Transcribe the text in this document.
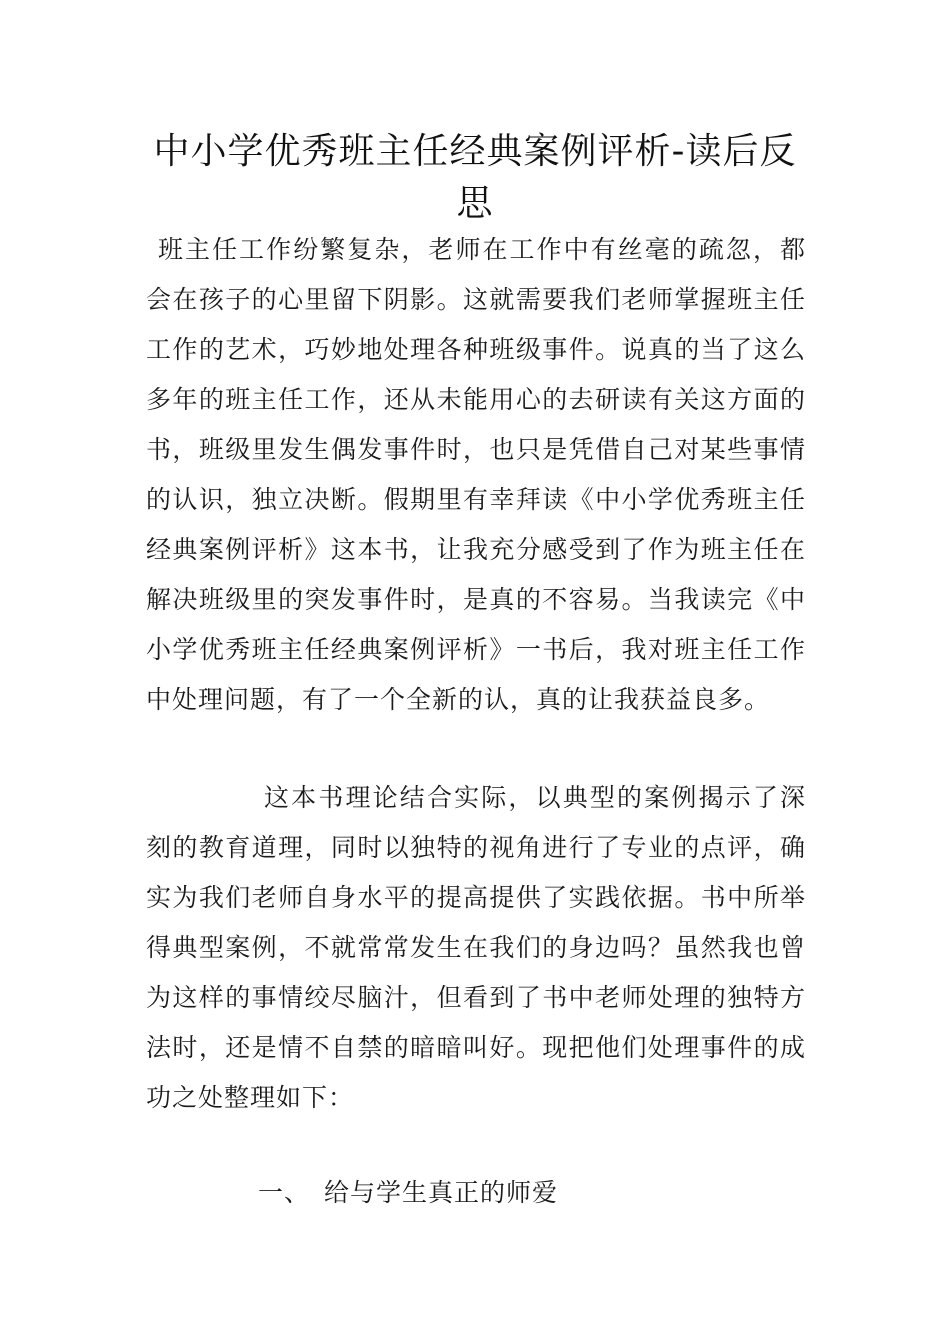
中小学优秀班主任经典案例评析-读后反思

班主任工作纷繁复杂，老师在工作中有丝毫的疏忽，都会在孩子的心里留下阴影。这就需要我们老师掌握班主任工作的艺术，巧妙地处理各种班级事件。说真的当了这么多年的班主任工作，还从未能用心的去研读有关这方面的书，班级里发生偶发事件时，也只是凭借自己对某些事情的认识，独立决断。假期里有幸拜读《中小学优秀班主任经典案例评析》这本书，让我充分感受到了作为班主任在解决班级里的突发事件时，是真的不容易。当我读完《中小学优秀班主任经典案例评析》一书后，我对班主任工作中处理问题，有了一个全新的认，真的让我获益良多。

这本书理论结合实际，以典型的案例揭示了深刻的教育道理，同时以独特的视角进行了专业的点评，确实为我们老师自身水平的提高提供了实践依据。书中所举得典型案例，不就常常发生在我们的身边吗？虽然我也曾为这样的事情绞尽脑汁，但看到了书中老师处理的独特方法时，还是情不自禁的暗暗叫好。现把他们处理事件的成功之处整理如下：

一、 给与学生真正的师爱
